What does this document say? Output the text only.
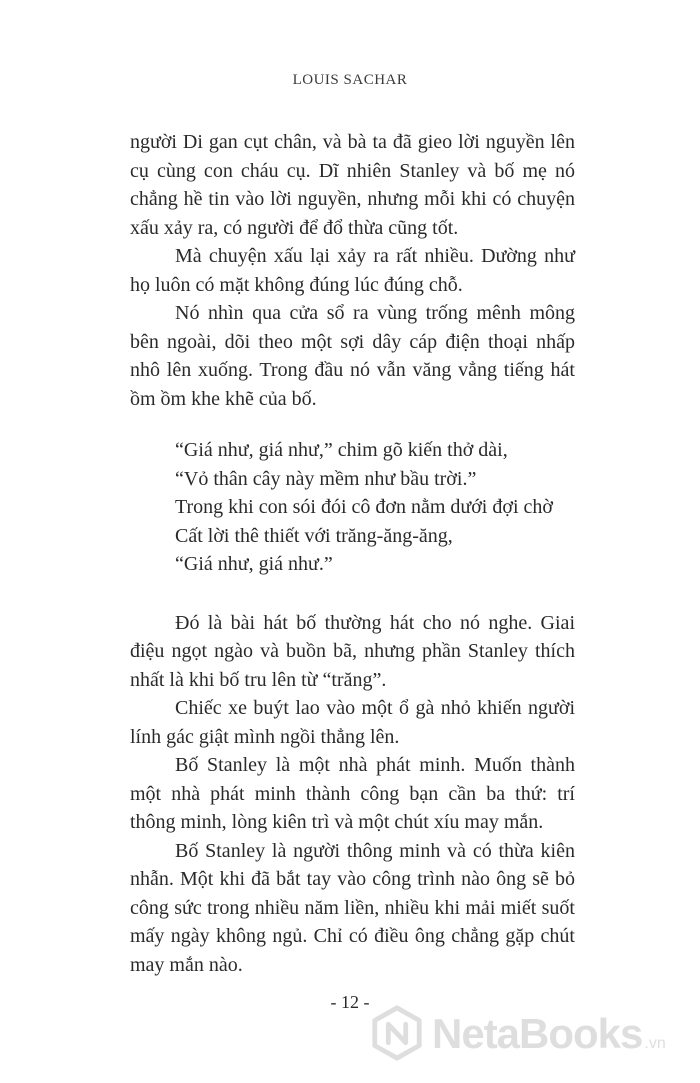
LOUIS SACHAR
người Di gan cụt chân, và bà ta đã gieo lời nguyền lên
cụ cùng con cháu cụ. Dĩ nhiên Stanley và bố mẹ nó
chẳng hề tin vào lời nguyền, nhưng mỗi khi có chuyện
xấu xảy ra, có người để đổ thừa cũng tốt.
Mà chuyện xấu lại xảy ra rất nhiều. Dường như
họ luôn có mặt không đúng lúc đúng chỗ.
Nó nhìn qua cửa sổ ra vùng trống mênh mông
bên ngoài, dõi theo một sợi dây cáp điện thoại nhấp
nhô lên xuống. Trong đầu nó vẫn văng vẳng tiếng hát
ồm ồm khe khẽ của bố.
“Giá như, giá như,” chim gõ kiến thở dài,
“Vỏ thân cây này mềm như bầu trời.”
Trong khi con sói đói cô đơn nằm dưới đợi chờ
Cất lời thê thiết với trăng-ăng-ăng,
“Giá như, giá như.”
Đó là bài hát bố thường hát cho nó nghe. Giai
điệu ngọt ngào và buồn bã, nhưng phần Stanley thích
nhất là khi bố tru lên từ “trăng”.
Chiếc xe buýt lao vào một ổ gà nhỏ khiến người
lính gác giật mình ngồi thẳng lên.
Bố Stanley là một nhà phát minh. Muốn thành
một nhà phát minh thành công bạn cần ba thứ: trí
thông minh, lòng kiên trì và một chút xíu may mắn.
Bố Stanley là người thông minh và có thừa kiên
nhẫn. Một khi đã bắt tay vào công trình nào ông sẽ bỏ
công sức trong nhiều năm liền, nhiều khi mải miết suốt
mấy ngày không ngủ. Chỉ có điều ông chẳng gặp chút
may mắn nào.
- 12 -
NetaBooks .vn
